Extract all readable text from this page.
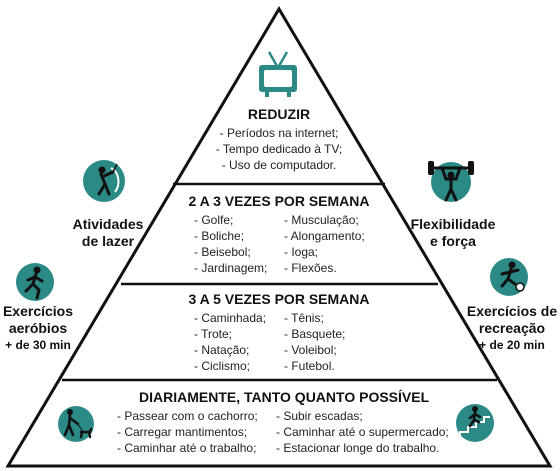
REDUZIR
- Períodos na internet;
- Tempo dedicado à TV;
- Uso de computador.
2 A 3 VEZES POR SEMANA
- Golfe;
- Boliche;
- Beisebol;
- Jardinagem;
- Musculação;
- Alongamento;
- Ioga;
- Flexões.
3 A 5 VEZES POR SEMANA
- Caminhada;
- Trote;
- Natação;
- Ciclismo;
- Tênis;
- Basquete;
- Voleibol;
- Futebol.
DIARIAMENTE, TANTO QUANTO POSSÍVEL
- Passear com o cachorro;
- Carregar mantimentos;
- Caminhar até o trabalho;
- Subir escadas;
- Caminhar até o supermercado;
- Estacionar longe do trabalho.
Atividades
de lazer
Flexibilidade
e força
Exercícios
aeróbios
+ de 30 min
Exercícios de
recreação
+ de 20 min
